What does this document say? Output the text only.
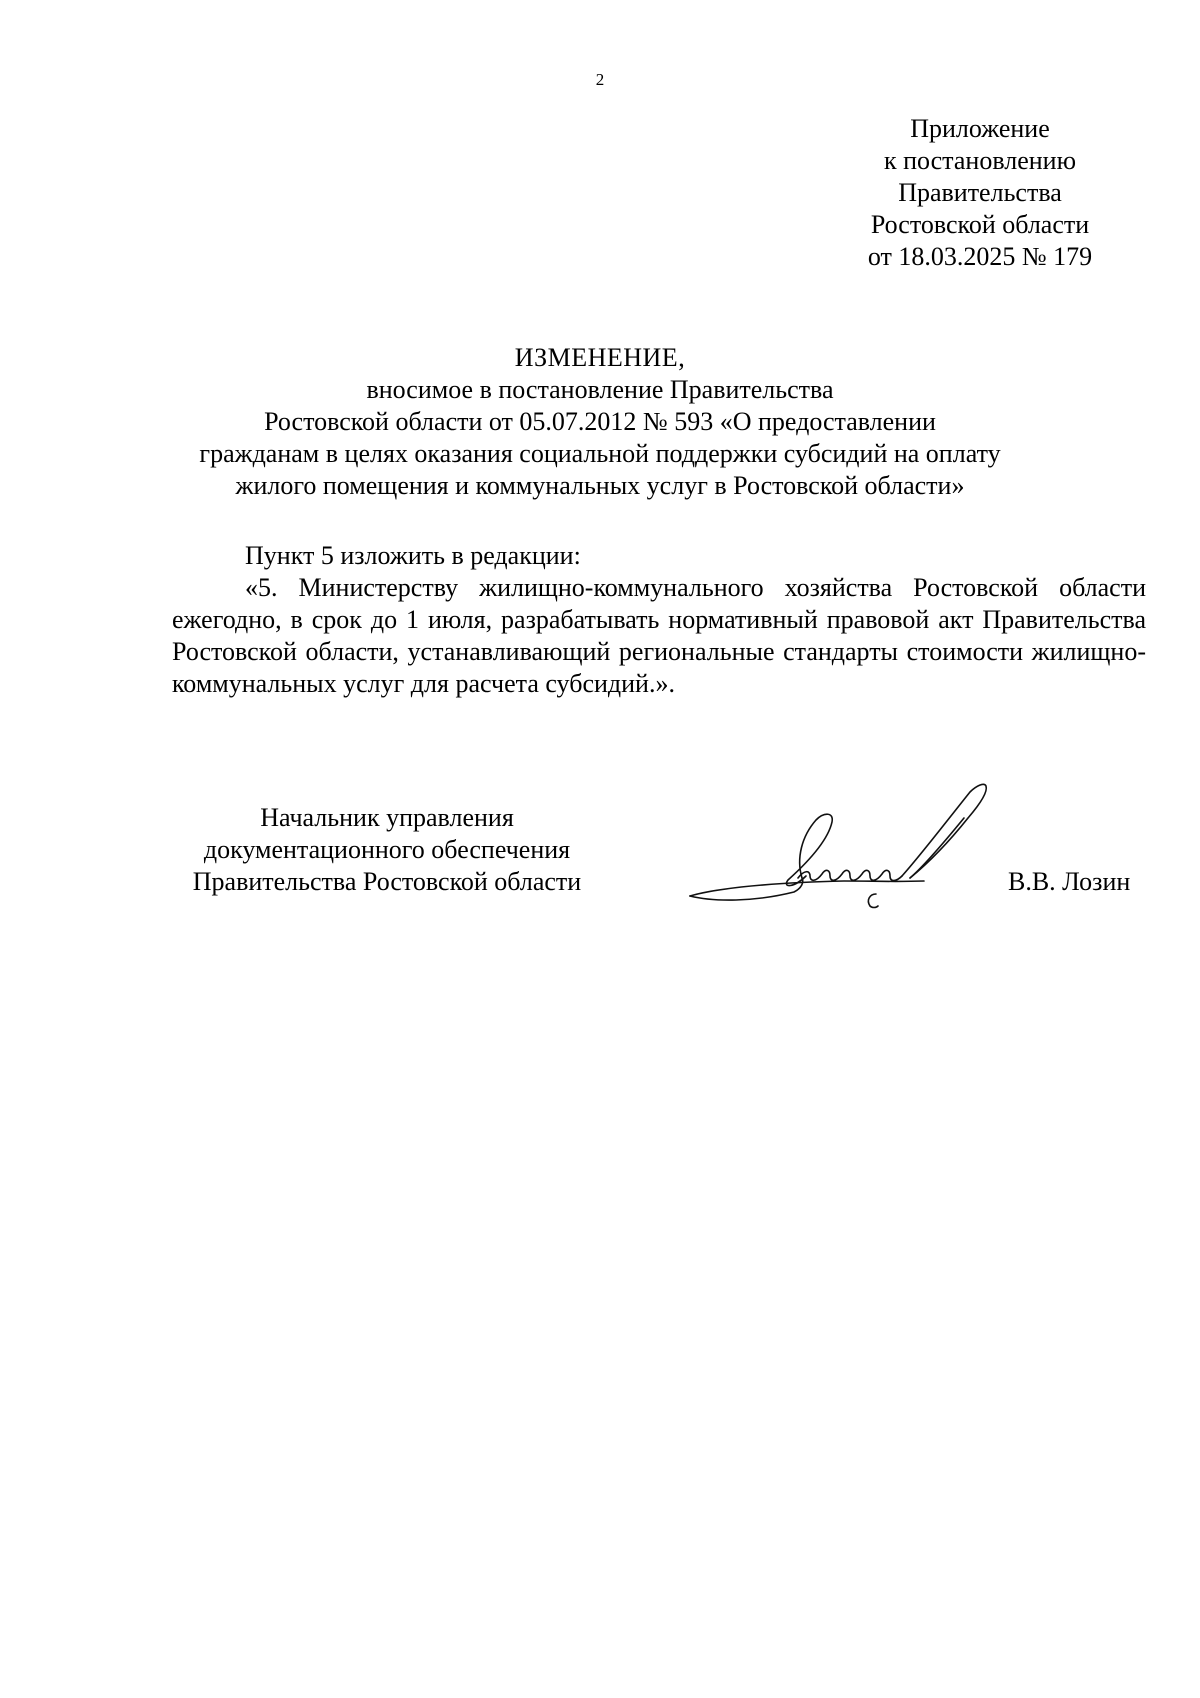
2
Приложение
к постановлению
Правительства
Ростовской области
от 18.03.2025 № 179
ИЗМЕНЕНИЕ,
вносимое в постановление Правительства
Ростовской области от 05.07.2012 № 593 «О предоставлении
гражданам в целях оказания социальной поддержки субсидий на оплату
жилого помещения и коммунальных услуг в Ростовской области»
Пункт 5 изложить в редакции:

«5. Министерству жилищно-коммунального хозяйства Ростовской области ежегодно, в срок до 1 июля, разрабатывать нормативный правовой акт Правительства Ростовской области, устанавливающий региональные стандарты стоимости жилищно-коммунальных услуг для расчета субсидий.».

Начальник управления
документационного обеспечения
Правительства Ростовской области	В.В. Лозин
